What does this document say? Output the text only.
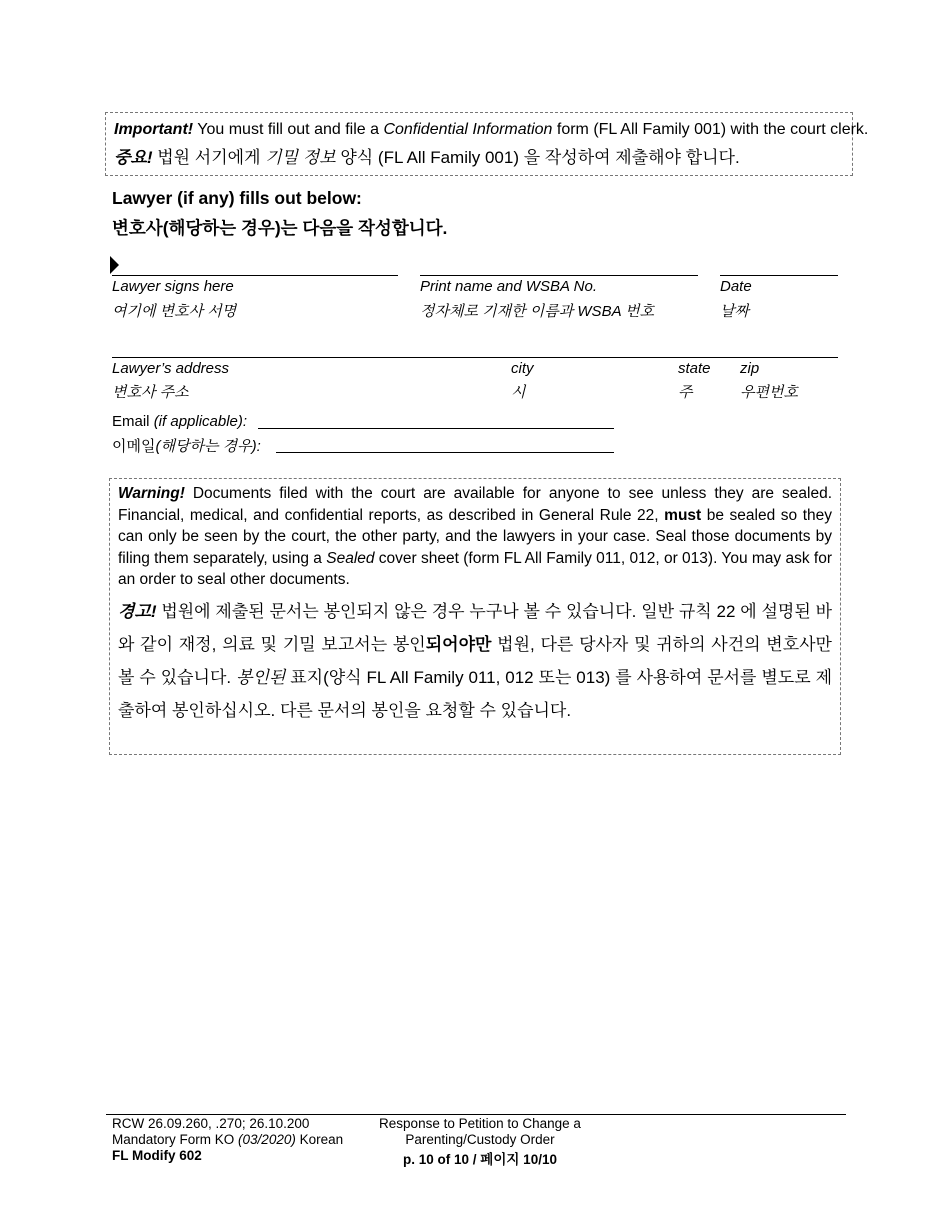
Important! You must fill out and file a Confidential Information form (FL All Family 001) with the court clerk.
중요! 법원 서기에게 기밀 정보 양식 (FL All Family 001) 을 작성하여 제출해야 합니다.
Lawyer (if any) fills out below:
변호사(해당하는 경우)는 다음을 작성합니다.
Lawyer signs here
여기에 변호사 서명
Print name and WSBA No.
정자체로 기재한 이름과 WSBA 번호
Date
날짜
Lawyer’s address
변호사 주소
city
시
state
주
zip
우편번호
Email (if applicable):
이메일(해당하는 경우):

Warning! Documents filed with the court are available for anyone to see unless they are sealed. Financial, medical, and confidential reports, as described in General Rule 22, must be sealed so they can only be seen by the court, the other party, and the lawyers in your case. Seal those documents by filing them separately, using a Sealed cover sheet (form FL All Family 011, 012, or 013). You may ask for an order to seal other documents.

경고! 법원에 제출된 문서는 봉인되지 않은 경우 누구나 볼 수 있습니다. 일반 규칙 22 에 설명된 바와 같이 재정, 의료 및 기밀 보고서는 봉인되어야만 법원, 다른 당사자 및 귀하의 사건의 변호사만 볼 수 있습니다. 봉인된 표지(양식 FL All Family 011, 012 또는 013) 를 사용하여 문서를 별도로 제출하여 봉인하십시오. 다른 문서의 봉인을 요청할 수 있습니다.

RCW 26.09.260, .270; 26.10.200
Mandatory Form KO (03/2020) Korean
FL Modify 602
Response to Petition to Change a
Parenting/Custody Order
p. 10 of 10 / 페이지 10/10
